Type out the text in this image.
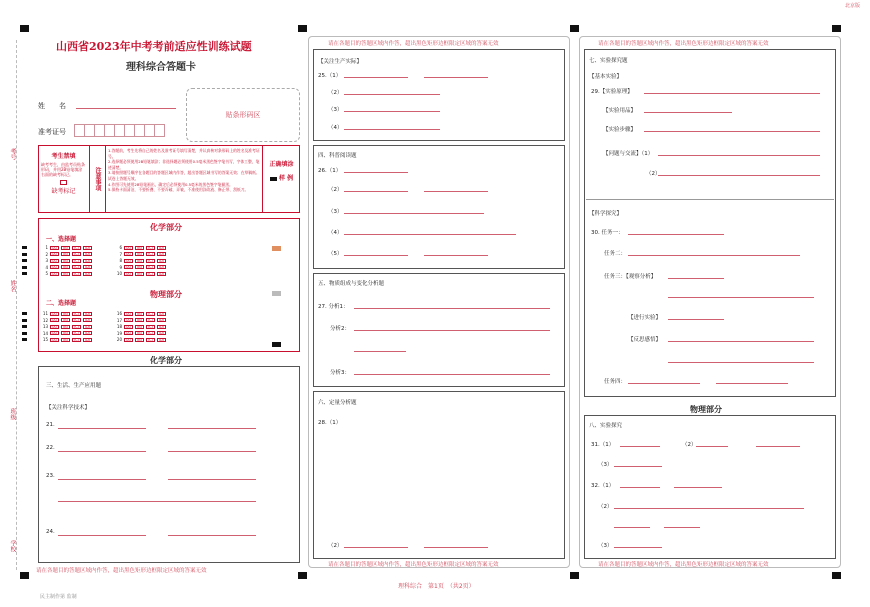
北京版
考号
姓名
班级
学校
山西省2023年中考考前适应性训练试题
理科综合答题卡
姓　　名
准考证号
贴条形码区
考生禁填
缺考考生，由监考员贴条形码，并用2B铅笔填涂右面的缺考标记。
缺考标记
注意事项
1.答题前，考生先将自己的姓名及准考证号填写清楚，并认真核对条形码上的姓名及准考证号。
2.选择题必须使用2B铅笔填涂；非选择题必须使用0.5毫米黑色签字笔书写，字体工整，笔迹清楚。
3.请按照题号顺序在各题目的答题区域内作答，超出答题区域书写的答案无效；在草稿纸、试卷上答题无效。
4.作图可先使用2B铅笔画出，确定后必须使用0.5毫米的黑色签字笔描黑。
5.保持卡面清洁，不要折叠、不要弄破、弄皱，不准使用涂改液、修正带、刮纸刀。
正确填涂
样 例
化学部分
一、选择题
物理部分
二、选择题
1	[A]	[B]	[C]	[D]
2	[A]	[B]	[C]	[D]
3	[A]	[B]	[C]	[D]
4	[A]	[B]	[C]	[D]
5	[A]	[B]	[C]	[D]
6	[A]	[B]	[C]	[D]
7	[A]	[B]	[C]	[D]
8	[A]	[B]	[C]	[D]
9	[A]	[B]	[C]	[D]
10	[A]	[B]	[C]	[D]
11	[A]	[B]	[C]	[D]
12	[A]	[B]	[C]	[D]
13	[A]	[B]	[C]	[D]
14	[A]	[B]	[C]	[D]
15	[A]	[B]	[C]	[D]
16	[A]	[B]	[C]	[D]
17	[A]	[B]	[C]	[D]
18	[A]	[B]	[C]	[D]
19	[A]	[B]	[C]	[D]
20	[A]	[B]	[C]	[D]
化学部分
三、生活、生产应用题
【关注科学技术】
21.
22.
23.
24.
请在各题目的答题区域内作答，超出黑色矩形边框限定区域的答案无效
请在各题目的答题区域内作答，超出黑色矩形边框限定区域的答案无效
【关注生产实际】
25.（1）
（2）
（3）
（4）
四、科普阅读题
26.（1）
（2）
（3）
（4）
（5）
五、物质组成与变化分析题
27. 分析1：
分析2：
分析3：
六、定量分析题
28.（1）
（2）
请在各题目的答题区域内作答，超出黑色矩形边框限定区域的答案无效
请在各题目的答题区域内作答，超出黑色矩形边框限定区域的答案无效
七、实验探究题
【基本实验】
29.【实验原理】
【实验用品】
【实验步骤】
【问题与交流】（1）
（2）
【科学探究】
30. 任务一：
任务二：
任务三：【观察分析】
【进行实验】
【反思感悟】
任务四：
物理部分
八、实验探究
31.（1）	（2）
（3）
32.（1）
（2）
（3）
请在各题目的答题区域内作答，超出黑色矩形边框限定区域的答案无效
理科综合　第1页　（共2页）
民主制作第 监制
